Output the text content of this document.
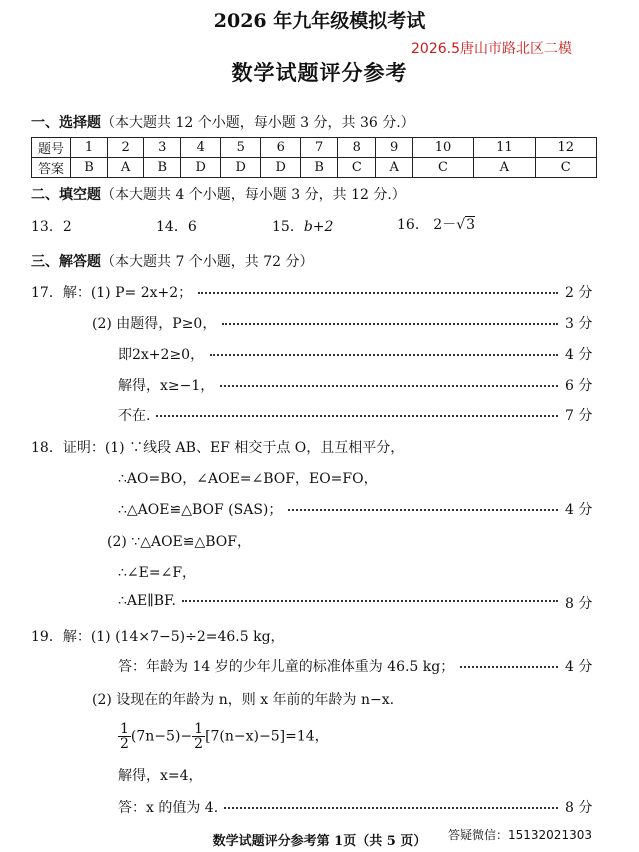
2026 年九年级模拟考试
2026.5唐山市路北区二模
数学试题评分参考
一、选择题（本大题共 12 个小题，每小题 3 分，共 36 分.）
题号	1	2	3	4	5	6	7	8	9	10	11	12
答案	B	A	B	D	D	D	B	C	A	C	A	C
二、填空题（本大题共 4 个小题，每小题 3 分，共 12 分.）
13．2	14．6	15．b+2	16． 2－√3
三、解答题（本大题共 7 个小题，共 72 分）
17．解：(1) P= 2x+2；	2 分
(2) 由题得，P≥0，	3 分
即2x+2≥0，	4 分
解得，x≥−1，	6 分
不在.	7 分
18．证明：(1) ∵线段 AB、EF 相交于点 O，且互相平分，
∴AO=BO，∠AOE=∠BOF，EO=FO，
∴△AOE≌△BOF (SAS)；	4 分
(2) ∵△AOE≌△BOF，
∴∠E=∠F，
∴AE∥BF.	8 分
19．解：(1) (14×7−5)÷2=46.5 kg，
答：年龄为 14 岁的少年儿童的标准体重为 46.5 kg；	4 分
(2) 设现在的年龄为 n，则 x 年前的年龄为 n−x.
解得，x=4，
答：x 的值为 4.	8 分
$\frac{1}{2} (7n-5)- \frac{1}{2} [7(n-x)-5]=14$，
数学试题评分参考第 1页（共 5 页）	答疑微信：15132021303
